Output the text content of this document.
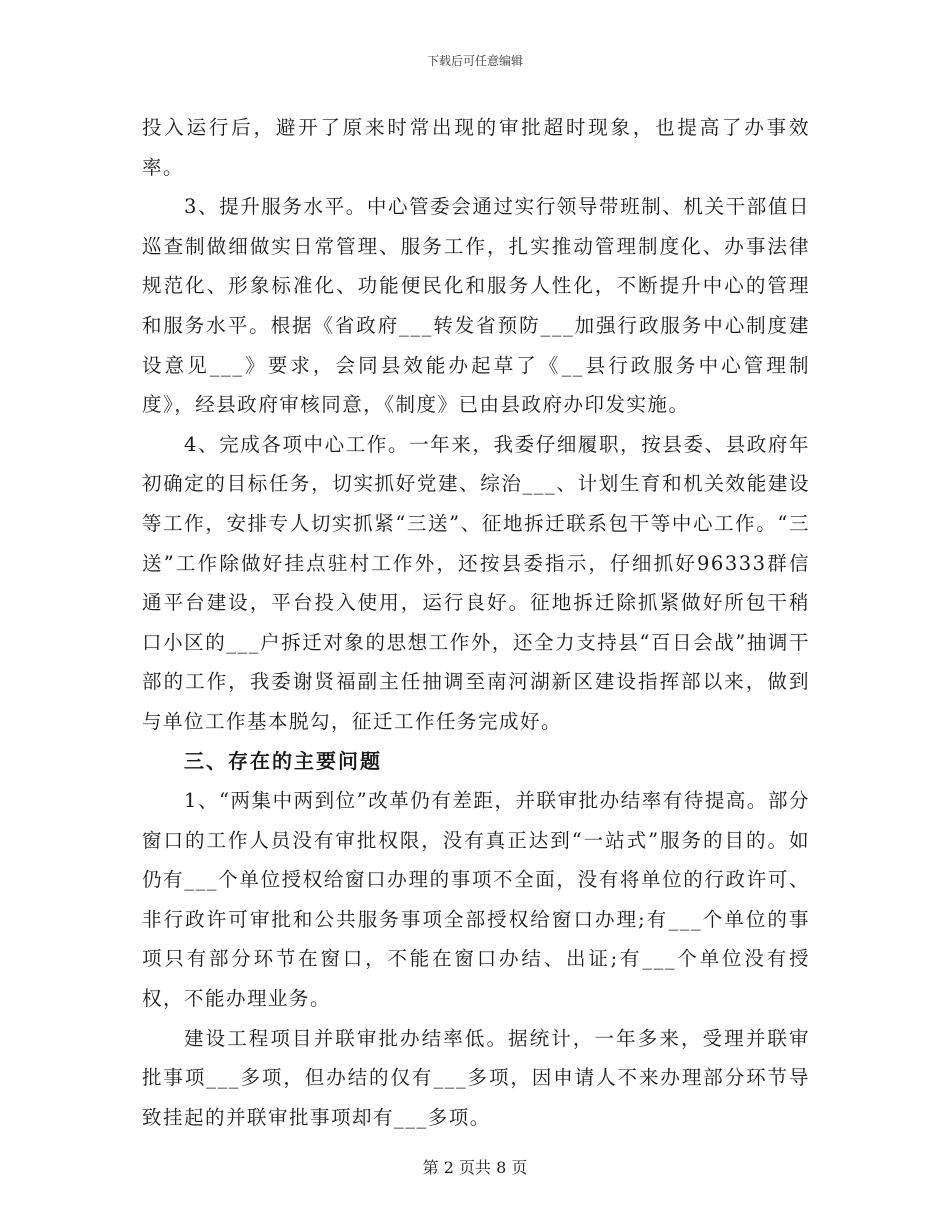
下载后可任意编辑

投入运行后，避开了原来时常出现的审批超时现象，也提高了办事效率。

3、提升服务水平。中心管委会通过实行领导带班制、机关干部值日巡查制做细做实日常管理、服务工作，扎实推动管理制度化、办事法律规范化、形象标准化、功能便民化和服务人性化，不断提升中心的管理和服务水平。根据《省政府___转发省预防___加强行政服务中心制度建设意见___》要求，会同县效能办起草了《__县行政服务中心管理制度》，经县政府审核同意，《制度》已由县政府办印发实施。

4、完成各项中心工作。一年来，我委仔细履职，按县委、县政府年初确定的目标任务，切实抓好党建、综治___、计划生育和机关效能建设等工作，安排专人切实抓紧“三送”、征地拆迁联系包干等中心工作。“三送”工作除做好挂点驻村工作外，还按县委指示，仔细抓好96333群信通平台建设，平台投入使用，运行良好。征地拆迁除抓紧做好所包干稍口小区的___户拆迁对象的思想工作外，还全力支持县“百日会战”抽调干部的工作，我委谢贤福副主任抽调至南河湖新区建设指挥部以来，做到与单位工作基本脱勾，征迁工作任务完成好。

三、存在的主要问题

1、“两集中两到位”改革仍有差距，并联审批办结率有待提高。部分窗口的工作人员没有审批权限，没有真正达到“一站式”服务的目的。如仍有___个单位授权给窗口办理的事项不全面，没有将单位的行政许可、非行政许可审批和公共服务事项全部授权给窗口办理;有___个单位的事项只有部分环节在窗口，不能在窗口办结、出证;有___个单位没有授权，不能办理业务。

建设工程项目并联审批办结率低。据统计，一年多来，受理并联审批事项___多项，但办结的仅有___多项，因申请人不来办理部分环节导致挂起的并联审批事项却有___多项。

第 2 页共 8 页
